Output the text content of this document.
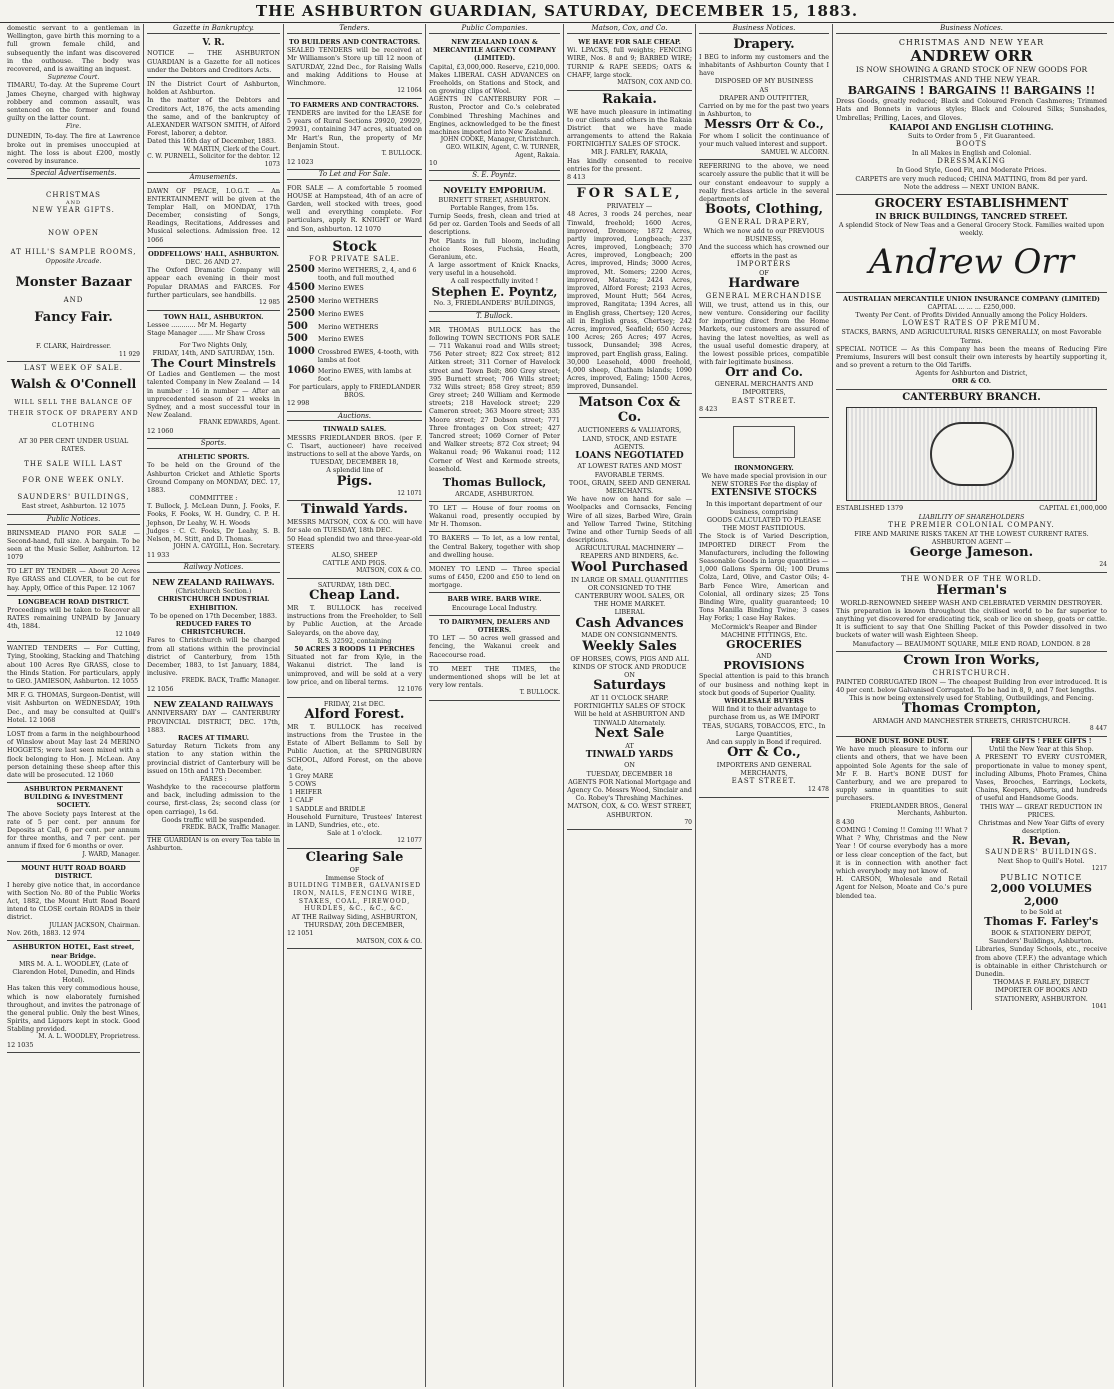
THE ASHBURTON GUARDIAN, SATURDAY, DECEMBER 15, 1883.
domestic servant to a gentleman in Wellington, gave birth this morning to a full grown female child, and subsequently the infant was discovered in the outhouse. The body was recovered, and is awaiting an inquest.
Supreme Court.
TIMARU, To-day. At the Supreme Court James Cheyne, charged with highway robbery and common assault, was sentenced on the former and found guilty on the latter count.
Fire.
DUNEDIN, To-day. The fire at Lawrence broke out in premises unoccupied at night. The loss is about £200, mostly covered by insurance.
Special Advertisements.
CHRISTMAS
AND
NEW YEAR GIFTS.
NOW OPEN
AT HILL'S SAMPLE ROOMS,
Opposite Arcade.
Monster Bazaar
AND
Fancy Fair.
F. CLARK, Hairdresser.
11 929
LAST WEEK OF SALE.
Walsh & O'Connell
WILL SELL THE BALANCE OF THEIR STOCK OF DRAPERY AND CLOTHING
AT 30 PER CENT UNDER USUAL RATES.
THE SALE WILL LAST
FOR ONE WEEK ONLY.
SAUNDERS' BUILDINGS,
East street, Ashburton. 12 1075
Public Notices.
BRINSMEAD PIANO FOR SALE — Second-hand, full size. A bargain. To be seen at the Music Seller, Ashburton. 12 1079
TO LET BY TENDER — About 20 Acres Rye GRASS and CLOVER, to be cut for hay. Apply, Office of this Paper. 12 1067
LONGBEACH ROAD DISTRICT.
Proceedings will be taken to Recover all RATES remaining UNPAID by January 4th, 1884.
12 1049
WANTED TENDERS — For Cutting, Tying, Stooking, Stacking and Thatching about 100 Acres Rye GRASS, close to the Hinds Station. For particulars, apply to GEO. JAMIESON, Ashburton. 12 1055
MR F. G. THOMAS, Surgeon-Dentist, will visit Ashburton on WEDNESDAY, 19th Dec., and may be consulted at Quill's Hotel. 12 1068
LOST from a farm in the neighbourhood of Winslow about May last 24 MERINO HOGGETS; were last seen mixed with a flock belonging to Hon. J. McLean. Any person detaining these sheep after this date will be prosecuted. 12 1060
ASHBURTON PERMANENT BUILDING & INVESTMENT SOCIETY.
The above Society pays Interest at the rate of 5 per cent. per annum for Deposits at Call, 6 per cent. per annum for three months, and 7 per cent. per annum if fixed for 6 months or over.
J. WARD, Manager.
MOUNT HUTT ROAD BOARD DISTRICT.
I hereby give notice that, in accordance with Section No. 80 of the Public Works Act, 1882, the Mount Hutt Road Board intend to CLOSE certain ROADS in their district.
JULIAN JACKSON, Chairman.
Nov. 26th, 1883. 12 974
ASHBURTON HOTEL, East street, near Bridge.
MRS M. A. L. WOODLEY, (Late of Clarendon Hotel, Dunedin, and Hinds Hotel).
Has taken this very commodious house, which is now elaborately furnished throughout, and invites the patronage of the general public. Only the best Wines, Spirits, and Liquors kept in stock. Good Stabling provided.
M. A. L. WOODLEY, Proprietress.
12 1035
Gazette in Bankruptcy.
V. R.
NOTICE — THE ASHBURTON GUARDIAN is a Gazette for all notices under the Debtors and Creditors Acts.
IN the District Court of Ashburton, holden at Ashburton.
In the matter of the Debtors and Creditors Act, 1876, the acts amending the same, and of the bankruptcy of ALEXANDER WATSON SMITH, of Alford Forest, laborer, a debtor.
Dated this 16th day of December, 1883.
W. MARTIN, Clerk of the Court.
C. W. PURNELL, Solicitor for the debtor. 12 1073
Amusements.
DAWN OF PEACE, I.O.G.T. — An ENTERTAINMENT will be given at the Templar Hall, on MONDAY, 17th December, consisting of Songs, Readings, Recitations, Addresses and Musical selections. Admission free. 12 1066
ODDFELLOWS' HALL, ASHBURTON.
DEC. 26 AND 27.
The Oxford Dramatic Company will appear each evening in their most Popular DRAMAS and FARCES. For further particulars, see handbills.
12 985
TOWN HALL, ASHBURTON.
Lessee ............ Mr M. Hegarty
Stage Manager ....... Mr Shaw Cross
For Two Nights Only,
FRIDAY, 14th, AND SATURDAY, 15th.
The Court Minstrels
Of Ladies and Gentlemen — the most talented Company in New Zealand — 14 in number : 16 in number — After an unprecedented season of 21 weeks in Sydney, and a most successful tour in New Zealand.
FRANK EDWARDS, Agent.
12 1060
Sports.
ATHLETIC SPORTS.
To be held on the Ground of the Ashburton Cricket and Athletic Sports Ground Company on MONDAY, DEC. 17, 1883.
COMMITTEE :
T. Bullock, J. McLean Dunn, J. Fooks, F. Fooks, F. Fooks, W. H. Gundry, C. P. H. Jephson, Dr Leahy, W. H. Woods
Judges : C. C. Fooks, Dr Leahy, S. B. Nelson, M. Stitt, and D. Thomas.
JOHN A. CAYGILL, Hon. Secretary.
11 933
Railway Notices.
NEW ZEALAND RAILWAYS.
(Christchurch Section.)
CHRISTCHURCH INDUSTRIAL EXHIBITION.
To be opened on 17th December, 1883.
REDUCED FARES TO CHRISTCHURCH.
Fares to Christchurch will be charged from all stations within the provincial district of Canterbury, from 15th December, 1883, to 1st January, 1884, inclusive.
FREDK. BACK, Traffic Manager.
12 1056
NEW ZEALAND RAILWAYS
ANNIVERSARY DAY — CANTERBURY PROVINCIAL DISTRICT, DEC. 17th, 1883.
RACES AT TIMARU.
Saturday Return Tickets from any station to any station within the provincial district of Canterbury will be issued on 15th and 17th December.
FARES :
Washdyke to the racecourse platform and back, including admission to the course, first-class, 2s; second class (or open carriage), 1s 6d.
Goods traffic will be suspended.
FREDK. BACK, Traffic Manager.
THE GUARDIAN is on every Tea table in Ashburton.
Tenders.
TO BUILDERS AND CONTRACTORS.
SEALED TENDERS will be received at Mr Williamson's Store up till 12 noon of SATURDAY, 22nd Dec., for Raising Walls and making Additions to House at Winchmore.
12 1064
TO FARMERS AND CONTRACTORS.
TENDERS are invited for the LEASE for 5 years of Rural Sections 29920, 29929, 29931, containing 347 acres, situated on Mr Hart's Run, the property of Mr Benjamin Stout.
T. BULLOCK.
12 1023
To Let and For Sale.
FOR SALE — A comfortable 5 roomed HOUSE at Hampstead, 4th of an acre of Garden, well stocked with trees, good well and everything complete. For particulars, apply R. KNIGHT or Ward and Son, ashburton. 12 1070
Stock
FOR PRIVATE SALE.
2500 Merino WETHERS, 2, 4, and 6 tooth, and full mouthed
4500 Merino EWES
2500 Merino WETHERS
2500 Merino EWES
500	Merino WETHERS
500	Merino EWES
1000 Crossbred EWES, 4-tooth, with lambs at foot
1060 Merino EWES, with lambs at foot.
For particulars, apply to FRIEDLANDER BROS.
12 998
Auctions.
TINWALD SALES.
MESSRS FRIEDLANDER BROS. (per F. C. Tisart, auctioneer) have received instructions to sell at the above Yards, on
TUESDAY, DECEMBER 18,
A splendid line of
Pigs.
12 1071
Tinwald Yards.
MESSRS MATSON, COX & CO. will have for sale on TUESDAY, 18th DEC.
50 Head splendid two and three-year-old STEERS
ALSO, SHEEP
CATTLE AND PIGS.
MATSON, COX & CO.
SATURDAY, 18th DEC.
Cheap Land.
MR T. BULLOCK has received instructions from the Freeholder, to Sell by Public Auction, at the Arcade Saleyards, on the above day,
R.S. 32592, containing
50 ACRES 3 ROODS 11 PERCHES
Situated not far from Kyle, in the Wakanui district. The land is unimproved, and will be sold at a very low price, and on liberal terms.
12 1076
FRIDAY, 21st DEC.
Alford Forest.
MR T. BULLOCK has received instructions from the Trustee in the Estate of Albert Bellamm to Sell by Public Auction, at the SPRINGBURN SCHOOL, Alford Forest, on the above date,
1 Grey MARE
5 COWS
1 HEIFER
1 CALF
1 SADDLE and BRIDLE
Household Furniture, Trustees' Interest in LAND, Sundries, etc., etc.
Sale at 1 o'clock.
12 1077
Clearing Sale
OF
Immense Stock of
BUILDING TIMBER, GALVANISED IRON, NAILS, FENCING WIRE, STAKES, COAL, FIREWOOD, HURDLES, &C., &C., &C.
AT THE Railway Siding, ASHBURTON,
THURSDAY, 20th DECEMBER,
12 1051
MATSON, COX & CO.
Public Companies.
NEW ZEALAND LOAN & MERCANTILE AGENCY COMPANY (LIMITED).
Capital, £3,000,000. Reserve, £210,000.
Makes LIBERAL CASH ADVANCES on Freeholds, on Stations and Stock, and on growing clips of Wool.
AGENTS IN CANTERBURY FOR — Ruston, Proctor and Co.'s celebrated Combined Threshing Machines and Engines, acknowledged to be the finest machines imported into New Zealand.
JOHN COOKE, Manager, Christchurch.
GEO. WILKIN, Agent, C. W. TURNER, Agent, Rakaia.
10
S. E. Poyntz.
NOVELTY EMPORIUM.
BURNETT STREET, ASHBURTON.
Portable Ranges, from 15s.
Turnip Seeds, fresh, clean and tried at 6d per oz. Garden Tools and Seeds of all descriptions.
Pot Plants in full bloom, including choice Roses, Fuchsia, Heath, Geranium, etc.
A large assortment of Knick Knacks, very useful in a household.
A call respectfully invited !
Stephen E. Poyntz,
No. 3, FRIEDLANDERS' BUILDINGS,
T. Bullock.
MR THOMAS BULLOCK has the following TOWN SECTIONS FOR SALE — 711 Wakanui road and Wills street; 756 Peter street; 822 Cox street; 812 Aitken street; 311 Corner of Havelock street and Town Belt; 860 Grey street; 395 Burnett street; 706 Wills street; 732 Wills street; 858 Grey street; 859 Grey street; 240 William and Kermode streets; 218 Havelock street; 229 Cameron street; 363 Moore street; 335 Moore street; 27 Dobson street; 771 Three frontages on Cox street; 427 Tancred street; 1069 Corner of Peter and Walker streets; 872 Cox street; 94 Wakanui road; 96 Wakanui road; 112 Corner of West and Kermode streets, leasehold.
Thomas Bullock,
ARCADE, ASHBURTON.
TO LET — House of four rooms on Wakanui road, presently occupied by Mr H. Thomson.
TO BAKERS — To let, as a low rental, the Central Bakery, together with shop and dwelling house.
MONEY TO LEND — Three special sums of £450, £200 and £50 to lend on mortgage.
BARB WIRE. BARB WIRE.
Encourage Local Industry.
TO DAIRYMEN, DEALERS AND OTHERS.
TO LET — 50 acres well grassed and fencing, the Wakanui creek and Racecourse road.
TO MEET THE TIMES, the undermentioned shops will be let at very low rentals.
T. BULLOCK.
Matson, Cox, and Co.
WE HAVE FOR SALE CHEAP.
Wi. LPACKS, full weights; FENCING WIRE, Nos. 8 and 9; BARBED WIRE; TURNIP & RAPE SEEDS; OATS & CHAFF, large stock.
MATSON, COX AND CO.
Rakaia.
WE have much pleasure in intimating to our clients and others in the Rakaia District that we have made arrangements to attend the Rakaia FORTNIGHTLY SALES OF STOCK.
MR J. FARLEY, RAKAIA,
Has kindly consented to receive entries for the present.
8 413
FOR SALE,
PRIVATELY —
48 Acres, 3 roods 24 perches, near Tinwald, freehold; 1600 Acres, improved, Dromore; 1872 Acres, partly improved, Longbeach; 237 Acres, improved, Longbeach; 370 Acres, improved, Longbeach; 200 Acres, improved, Hinds; 3000 Acres, improved, Mt. Somers; 2200 Acres, improved, Mataura; 2424 Acres, improved, Alford Forest; 2193 Acres, improved, Mount Hutt; 564 Acres, improved, Rangitata; 1394 Acres, all in English grass, Chertsey; 120 Acres, all in English grass, Chertsey; 242 Acres, improved, Seafield; 650 Acres; 100 Acres; 265 Acres; 497 Acres, tussock, Dunsandel; 398 Acres, improved, part English grass, Ealing.
30,000 Leasehold, 4000 freehold, 4,000 sheep, Chatham Islands; 1090 Acres, improved, Ealing; 1500 Acres, improved, Dunsandel.
Matson Cox & Co.
AUCTIONEERS & VALUATORS, LAND, STOCK, AND ESTATE AGENTS.
LOANS NEGOTIATED
AT LOWEST RATES AND MOST FAVORABLE TERMS.
TOOL, GRAIN, SEED AND GENERAL MERCHANTS.
We have now on hand for sale — Woolpacks and Cornsacks, Fencing Wire of all sizes, Barbed Wire, Grain and Yellow Tarred Twine, Stitching Twine and other Turnip Seeds of all descriptions.
AGRICULTURAL MACHINERY — REAPERS AND BINDERS, &c.
Wool Purchased
IN LARGE OR SMALL QUANTITIES OR CONSIGNED TO THE CANTERBURY WOOL SALES, OR THE HOME MARKET.
LIBERAL
Cash Advances
MADE ON CONSIGNMENTS.
Weekly Sales
OF HORSES, COWS, PIGS AND ALL KINDS OF STOCK AND PRODUCE
ON
Saturdays
AT 11 O'CLOCK SHARP.
FORTNIGHTLY SALES OF STOCK
Will be held at ASHBURTON AND TINWALD Alternately.
Next Sale
AT
TINWALD YARDS
ON
TUESDAY, DECEMBER 18
AGENTS FOR National Mortgage and Agency Co. Messrs Wood, Sinclair and Co. Robey's Threshing Machines.
MATSON, COX, & CO. WEST STREET, ASHBURTON.
70
Business Notices.
Drapery.
I BEG to inform my customers and the inhabitants of Ashburton County that I have
DISPOSED OF MY BUSINESS
AS
DRAPER AND OUTFITTER,
Carried on by me for the past two years in Ashburton, to
Messrs Orr & Co.,
For whom I solicit the continuance of your much valued interest and support.
SAMUEL W. ALCORN.
REFERRING to the above, we need scarcely assure the public that it will be our constant endeavour to supply a really first-class article in the several departments of
Boots, Clothing,
GENERAL DRAPERY,
Which we now add to our PREVIOUS BUSINESS,
And the success which has crowned our efforts in the past as
IMPORTERS
OF
Hardware
GENERAL MERCHANDISE
Will, we trust, attend us in this, our new venture. Considering our facility for importing direct from the Home Markets, our customers are assured of having the latest novelties, as well as the usual useful domestic drapery, at the lowest possible prices, compatible with fair legitimate business.
Orr and Co.
GENERAL MERCHANTS AND IMPORTERS,
EAST STREET.
8 423
IRONMONGERY.
We have made special provision in our NEW STORES For the display of
EXTENSIVE STOCKS
In this important department of our business, comprising
GOODS CALCULATED TO PLEASE THE MOST FASTIDIOUS.
The Stock is of Varied Description, IMPORTED DIRECT From the Manufacturers, including the following Seasonable Goods in large quantities —
1,000 Gallons Sperm Oil; 100 Drums Colza, Lard, Olive, and Castor Oils; 4-Barb Fence Wire, American and Colonial, all ordinary sizes; 25 Tons Binding Wire, quality guaranteed; 10 Tons Manilla Binding Twine; 3 cases Hay Forks; 1 case Hay Rakes.
McCormick's Reaper and Binder MACHINE FITTINGS, Etc.
GROCERIES
AND
PROVISIONS
Special attention is paid to this branch of our business and nothing kept in stock but goods of Superior Quality.
WHOLESALE BUYERS
Will find it to their advantage to purchase from us, as WE IMPORT TEAS, SUGARS, TOBACCOS, ETC., In Large Quantities,
And can supply in Bond if required.
Orr & Co.,
IMPORTERS AND GENERAL MERCHANTS,
EAST STREET.
12 478
Business Notices.
CHRISTMAS AND NEW YEAR
ANDREW ORR
IS NOW SHOWING A GRAND STOCK OF NEW GOODS FOR CHRISTMAS AND THE NEW YEAR.
BARGAINS ! BARGAINS !! BARGAINS !!
Dress Goods, greatly reduced; Black and Coloured French Cashmeres; Trimmed Hats and Bonnets in various styles; Black and Coloured Silks; Sunshades, Umbrellas; Frilling, Laces, and Gloves.
KAIAPOI AND ENGLISH CLOTHING.
Suits to Order from 5 , Fit Guaranteed.
BOOTS
In all Makes in English and Colonial.
DRESSMAKING
In Good Style, Good Fit, and Moderate Prices.
CARPETS are very much reduced; CHINA MATTING, from 8d per yard.
Note the address — NEXT UNION BANK.
GROCERY ESTABLISHMENT
IN BRICK BUILDINGS, TANCRED STREET.
A splendid Stock of New Teas and a General Grocery Stock. Families waited upon weekly.
Andrew Orr
AUSTRALIAN MERCANTILE UNION INSURANCE COMPANY (LIMITED)
CAPITAL ... ... ... £250,000.
Twenty Per Cent. of Profits Divided Annually among the Policy Holders.
LOWEST RATES OF PREMIUM.
STACKS, BARNS, AND AGRICULTURAL RISKS GENERALLY, on most Favorable Terms.
SPECIAL NOTICE — As this Company has been the means of Reducing Fire Premiums, Insurers will best consult their own interests by heartily supporting it, and so prevent a return to the Old Tariffs.
Agents for Ashburton and District,
ORR & CO.
CANTERBURY BRANCH.
ESTABLISHED 1379	CAPITAL £1,000,000
LIABILITY OF SHAREHOLDERS
THE PREMIER COLONIAL COMPANY.
FIRE AND MARINE RISKS TAKEN AT THE LOWEST CURRENT RATES.
ASHBURTON AGENT —
George Jameson.
24
THE WONDER OF THE WORLD.
Herman's
WORLD-RENOWNED SHEEP WASH AND CELEBRATED VERMIN DESTROYER.
This preparation is known throughout the civilised world to be far superior to anything yet discovered for eradicating tick, scab or lice on sheep, goats or cattle. It is sufficient to say that One Shilling Packet of this Powder dissolved in two buckets of water will wash Eighteen Sheep.
Manufactory — BEAUMONT SQUARE, MILE END ROAD, LONDON. 8 28
Crown Iron Works,
CHRISTCHURCH.
PAINTED CORRUGATED IRON — The cheapest Building Iron ever introduced. It is 40 per cent. below Galvanised Corrugated. To be had in 8, 9, and 7 feet lengths.
This is now being extensively used for Stabling, Outbuildings, and Fencing.
Thomas Crompton,
ARMAGH AND MANCHESTER STREETS, CHRISTCHURCH.
8 447
BONE DUST. BONE DUST.
We have much pleasure to inform our clients and others, that we have been appointed Sole Agents for the sale of Mr F. B. Hart's BONE DUST for Canterbury, and we are prepared to supply same in quantities to suit purchasers.
FRIEDLANDER BROS., General Merchants, Ashburton.
8 430
COMING ! Coming !! Coming !!! What ? What ? Why, Christmas and the New Year ! Of course everybody has a more or less clear conception of the fact, but it is in connection with another fact which everybody may not know of.
H. CARSON, Wholesale and Retail Agent for Nelson, Moate and Co.'s pure blended tea.
FREE GIFTS ! FREE GIFTS !
Until the New Year at this Shop.
A PRESENT TO EVERY CUSTOMER, proportionate in value to money spent, including Albums, Photo Frames, China Vases, Brooches, Earrings, Lockets, Chains, Keepers, Alberts, and hundreds of useful and Handsome Goods.
THIS WAY — GREAT REDUCTION IN PRICES.
Christmas and New Year Gifts of every description.
R. Bevan,
SAUNDERS' BUILDINGS.
Next Shop to Quill's Hotel.
1217
PUBLIC NOTICE
2,000 VOLUMES 2,000
to be Sold at
Thomas F. Farley's
BOOK & STATIONERY DEPOT, Saunders' Buildings, Ashburton.
Libraries, Sunday Schools, etc., receive from above (T.F.F.) the advantage which is obtainable in either Christchurch or Dunedin.
THOMAS F. FARLEY, DIRECT IMPORTER OF BOOKS AND STATIONERY, ASHBURTON.
1041
